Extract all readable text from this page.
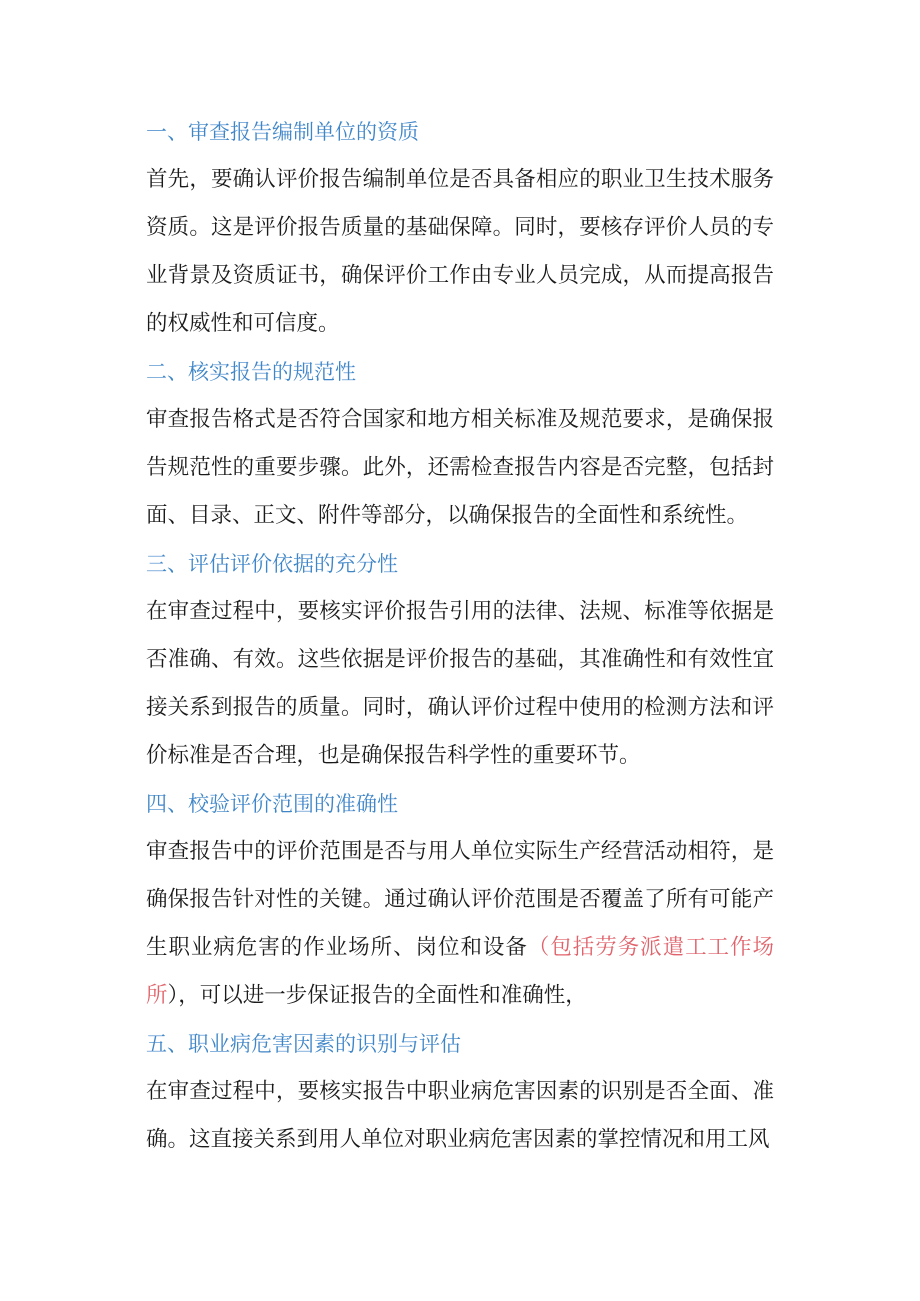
一、审查报告编制单位的资质

首先，要确认评价报告编制单位是否具备相应的职业卫生技术服务资质。这是评价报告质量的基础保障。同时，要核存评价人员的专业背景及资质证书，确保评价工作由专业人员完成，从而提高报告的权威性和可信度。

二、核实报告的规范性

审查报告格式是否符合国家和地方相关标准及规范要求，是确保报告规范性的重要步骤。此外，还需检查报告内容是否完整，包括封面、目录、正文、附件等部分，以确保报告的全面性和系统性。

三、评估评价依据的充分性

在审查过程中，要核实评价报告引用的法律、法规、标准等依据是否准确、有效。这些依据是评价报告的基础，其准确性和有效性宜接关系到报告的质量。同时，确认评价过程中使用的检测方法和评价标准是否合理，也是确保报告科学性的重要环节。

四、校验评价范围的准确性

审查报告中的评价范围是否与用人单位实际生产经营活动相符，是确保报告针对性的关键。通过确认评价范围是否覆盖了所有可能产生职业病危害的作业场所、岗位和设备（包括劳务派遣工工作场所），可以进一步保证报告的全面性和准确性，

五、职业病危害因素的识别与评估

在审查过程中，要核实报告中职业病危害因素的识别是否全面、准确。这直接关系到用人单位对职业病危害因素的掌控情况和用工风
